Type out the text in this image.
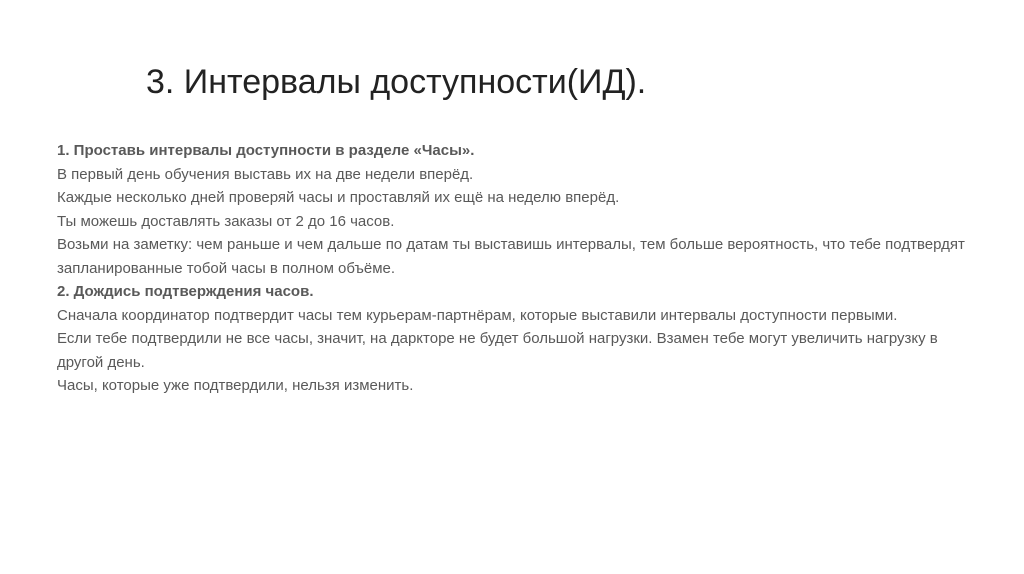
3. Интервалы доступности(ИД).

1. Проставь интервалы доступности в разделе «Часы».

В первый день обучения выставь их на две недели вперёд.

Каждые несколько дней проверяй часы и проставляй их ещё на неделю вперёд.

Ты можешь доставлять заказы от 2 до 16 часов.

Возьми на заметку: чем раньше и чем дальше по датам ты выставишь интервалы, тем больше вероятность, что тебе подтвердят запланированные тобой часы в полном объёме.

2. Дождись подтверждения часов.

Сначала координатор подтвердит часы тем курьерам-партнёрам, которые выставили интервалы доступности первыми.

Если тебе подтвердили не все часы, значит, на даркторе не будет большой нагрузки. Взамен тебе могут увеличить нагрузку в другой день.

Часы, которые уже подтвердили, нельзя изменить.
